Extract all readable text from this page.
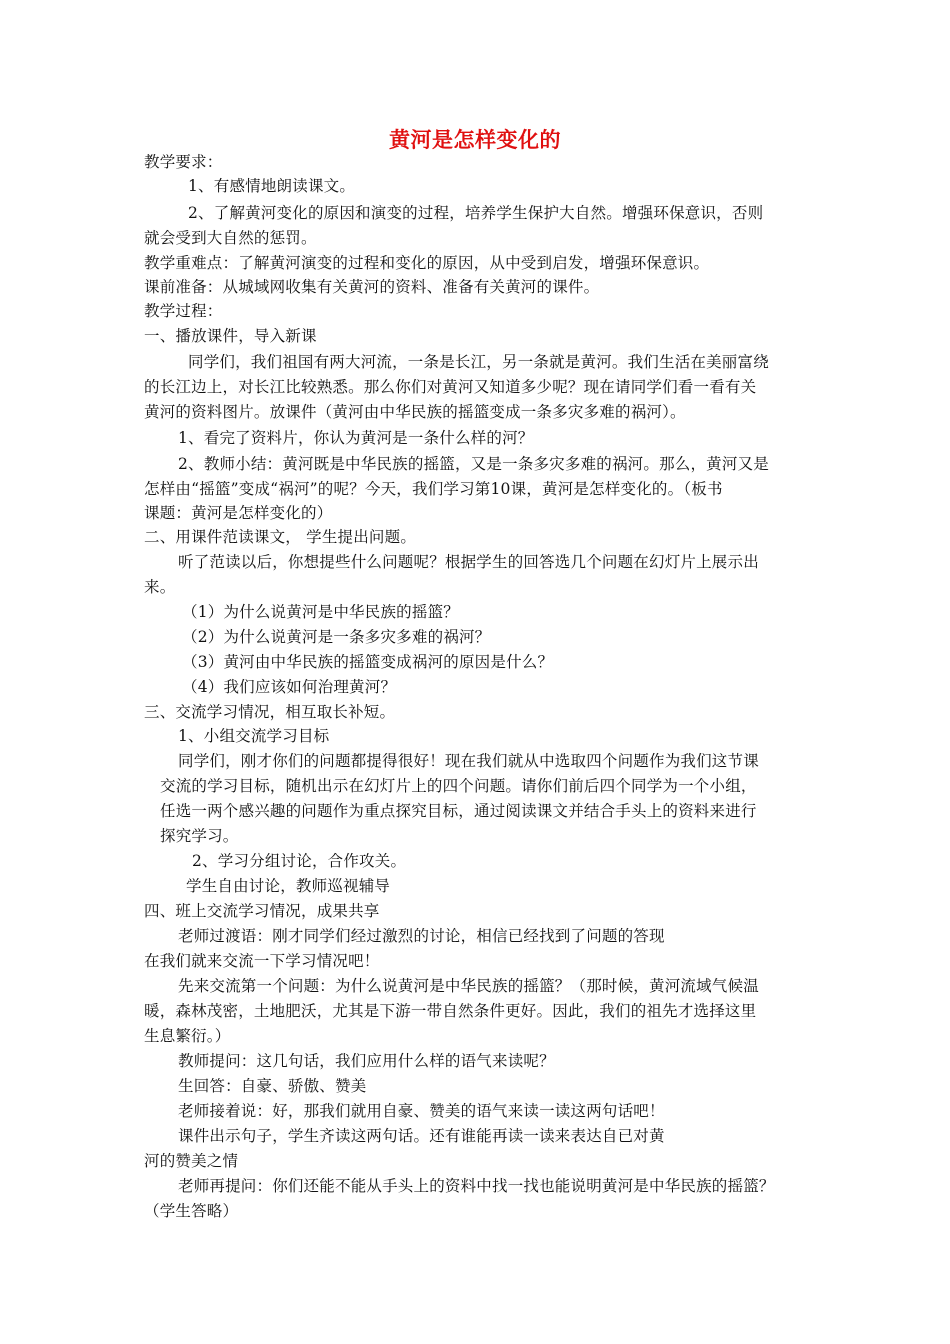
黄河是怎样变化的
教学要求：
1、有感情地朗读课文。
2、了解黄河变化的原因和演变的过程，培养学生保护大自然。增强环保意识，否则
就会受到大自然的惩罚。
教学重难点：了解黄河演变的过程和变化的原因，从中受到启发，增强环保意识。
课前准备：从城域网收集有关黄河的资料、准备有关黄河的课件。
教学过程：
一、播放课件，导入新课
同学们，我们祖国有两大河流，一条是长江，另一条就是黄河。我们生活在美丽富绕
的长江边上，对长江比较熟悉。那么你们对黄河又知道多少呢？现在请同学们看一看有关
黄河的资料图片。放课件（黄河由中华民族的摇篮变成一条多灾多难的祸河）。
1、看完了资料片，你认为黄河是一条什么样的河？
2、教师小结：黄河既是中华民族的摇篮，又是一条多灾多难的祸河。那么，黄河又是
怎样由“摇篮”变成“祸河”的呢？今天，我们学习第10课，黄河是怎样变化的。（板书
课题：黄河是怎样变化的）
二、用课件范读课文， 学生提出问题。
听了范读以后，你想提些什么问题呢？根据学生的回答选几个问题在幻灯片上展示出
来。
（1）为什么说黄河是中华民族的摇篮？
（2）为什么说黄河是一条多灾多难的祸河？
（3）黄河由中华民族的摇篮变成祸河的原因是什么？
（4）我们应该如何治理黄河？
三、交流学习情况，相互取长补短。
1、小组交流学习目标
同学们，刚才你们的问题都提得很好！现在我们就从中选取四个问题作为我们这节课
交流的学习目标，随机出示在幻灯片上的四个问题。请你们前后四个同学为一个小组，
任选一两个感兴趣的问题作为重点探究目标，通过阅读课文并结合手头上的资料来进行
探究学习。
2、学习分组讨论，合作攻关。
学生自由讨论，教师巡视辅导
四、班上交流学习情况，成果共享
老师过渡语：刚才同学们经过激烈的讨论，相信已经找到了问题的答现
在我们就来交流一下学习情况吧！
先来交流第一个问题：为什么说黄河是中华民族的摇篮？（那时候，黄河流域气候温
暖，森林茂密，土地肥沃，尤其是下游一带自然条件更好。因此，我们的祖先才选择这里
生息繁衍。）
教师提问：这几句话，我们应用什么样的语气来读呢？
生回答：自豪、骄傲、赞美
老师接着说：好，那我们就用自豪、赞美的语气来读一读这两句话吧！
课件出示句子，学生齐读这两句话。还有谁能再读一读来表达自已对黄
河的赞美之情
老师再提问：你们还能不能从手头上的资料中找一找也能说明黄河是中华民族的摇篮？
（学生答略）
